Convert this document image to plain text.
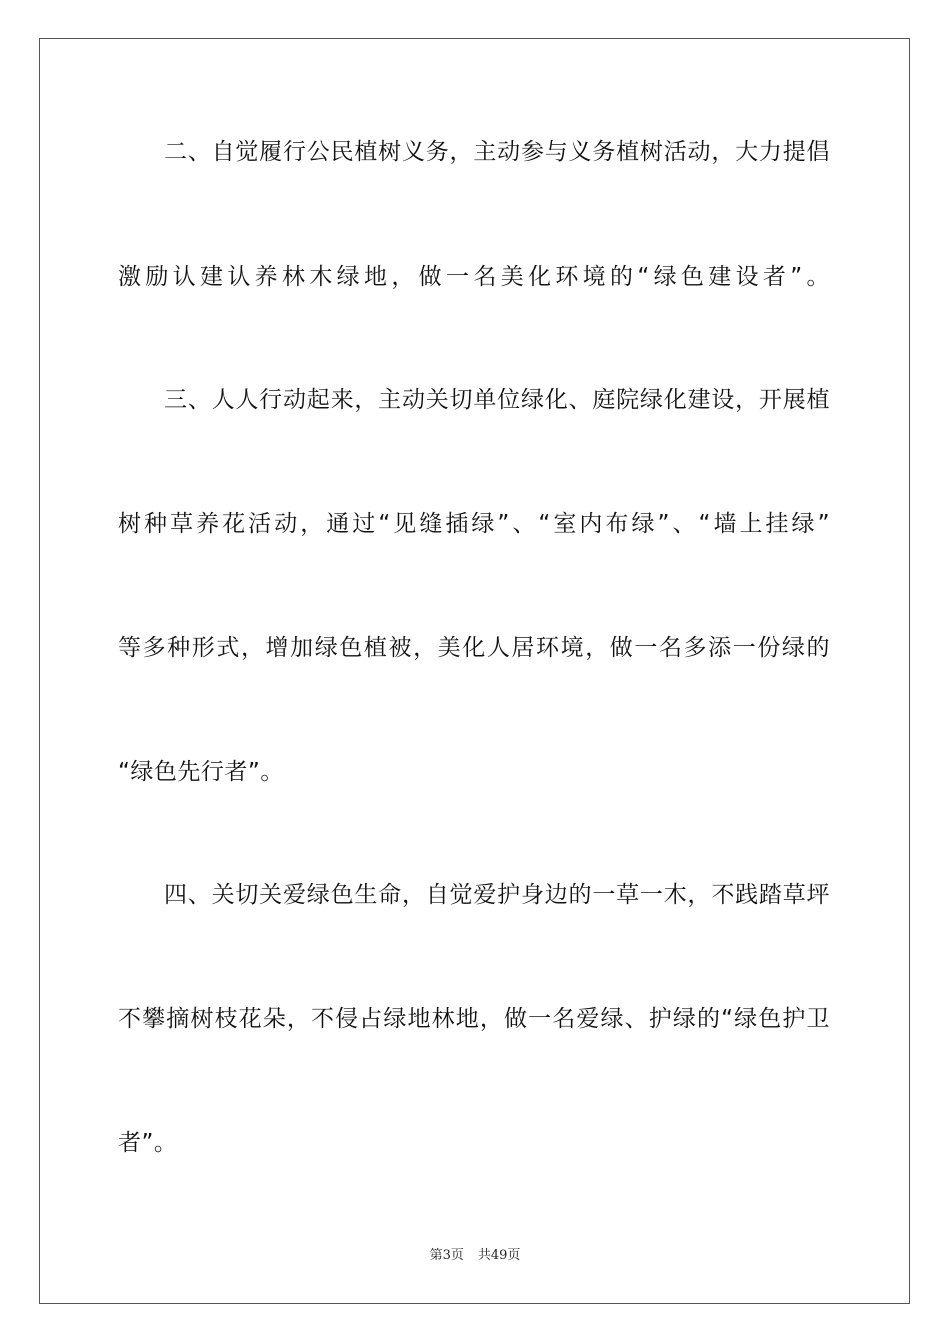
二、自觉履行公民植树义务，主动参与义务植树活动，大力提倡
激励认建认养林木绿地，做一名美化环境的“绿色建设者”。
三、人人行动起来，主动关切单位绿化、庭院绿化建设，开展植
树种草养花活动，通过“见缝插绿”、“室内布绿”、“墙上挂绿”
等多种形式，增加绿色植被，美化人居环境，做一名多添一份绿的
“绿色先行者”。
四、关切关爱绿色生命，自觉爱护身边的一草一木，不践踏草坪
不攀摘树枝花朵，不侵占绿地林地，做一名爱绿、护绿的“绿色护卫
者”。
第3页 共49页
